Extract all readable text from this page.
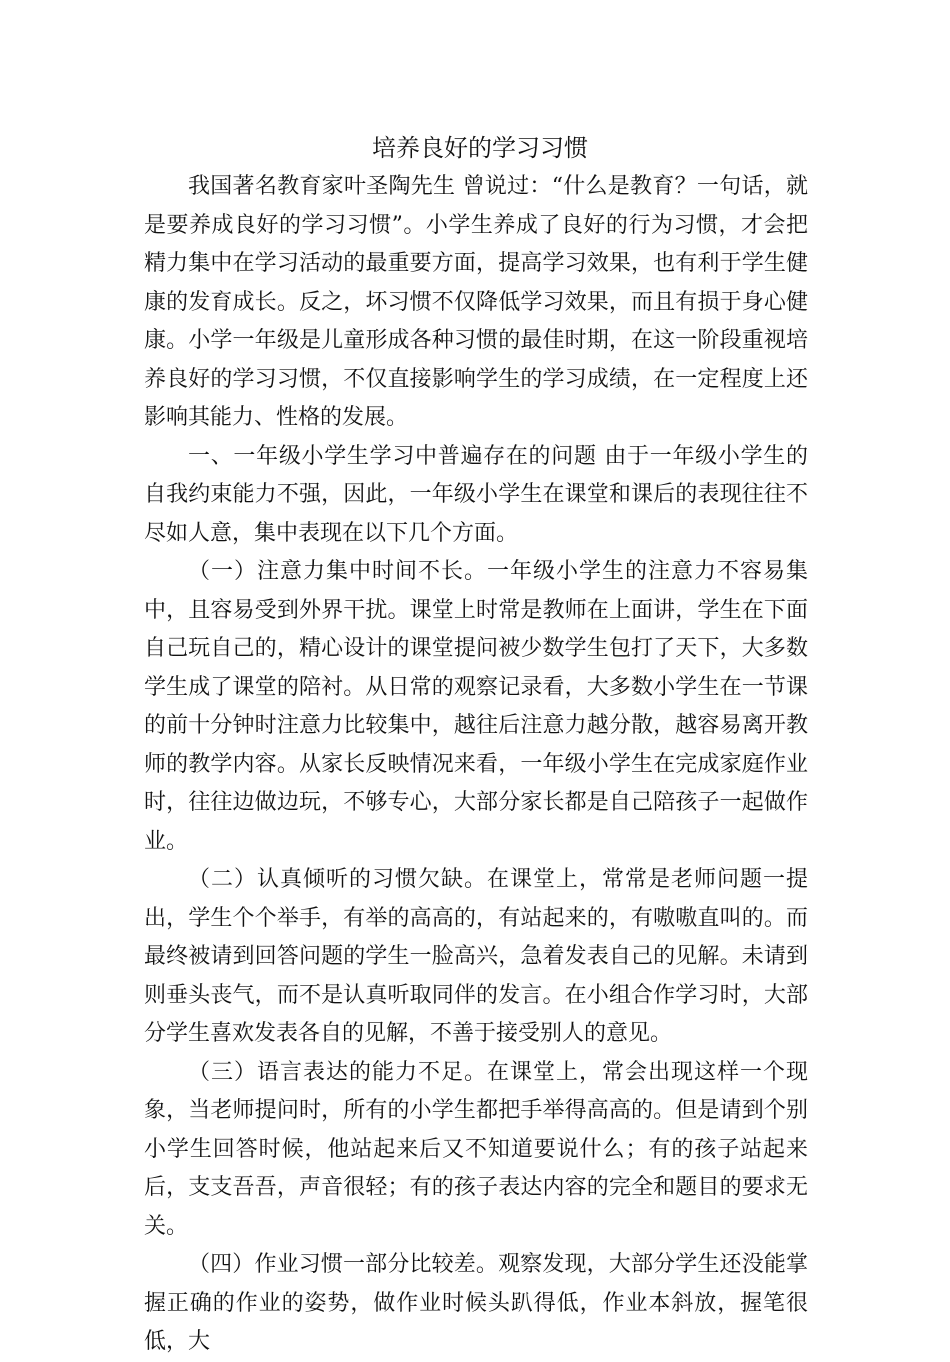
培养良好的学习习惯

我国著名教育家叶圣陶先生 曾说过：“什么是教育？一句话，就是要养成良好的学习习惯”。小学生养成了良好的行为习惯，才会把精力集中在学习活动的最重要方面，提高学习效果，也有利于学生健康的发育成长。反之，坏习惯不仅降低学习效果，而且有损于身心健康。小学一年级是儿童形成各种习惯的最佳时期，在这一阶段重视培养良好的学习习惯，不仅直接影响学生的学习成绩，在一定程度上还影响其能力、性格的发展。

一、一年级小学生学习中普遍存在的问题 由于一年级小学生的自我约束能力不强，因此，一年级小学生在课堂和课后的表现往往不尽如人意，集中表现在以下几个方面。

（一）注意力集中时间不长。一年级小学生的注意力不容易集中，且容易受到外界干扰。课堂上时常是教师在上面讲，学生在下面自己玩自己的，精心设计的课堂提问被少数学生包打了天下，大多数学生成了课堂的陪衬。从日常的观察记录看，大多数小学生在一节课的前十分钟时注意力比较集中，越往后注意力越分散，越容易离开教师的教学内容。从家长反映情况来看，一年级小学生在完成家庭作业时，往往边做边玩，不够专心，大部分家长都是自己陪孩子一起做作业。

（二）认真倾听的习惯欠缺。在课堂上，常常是老师问题一提出，学生个个举手，有举的高高的，有站起来的，有嗷嗷直叫的。而最终被请到回答问题的学生一脸高兴，急着发表自己的见解。未请到则垂头丧气，而不是认真听取同伴的发言。在小组合作学习时，大部分学生喜欢发表各自的见解，不善于接受别人的意见。

（三）语言表达的能力不足。在课堂上，常会出现这样一个现象，当老师提问时，所有的小学生都把手举得高高的。但是请到个别小学生回答时候，他站起来后又不知道要说什么；有的孩子站起来后，支支吾吾，声音很轻；有的孩子表达内容的完全和题目的要求无关。

（四）作业习惯一部分比较差。观察发现，大部分学生还没能掌握正确的作业的姿势，做作业时候头趴得低，作业本斜放，握笔很低，大
